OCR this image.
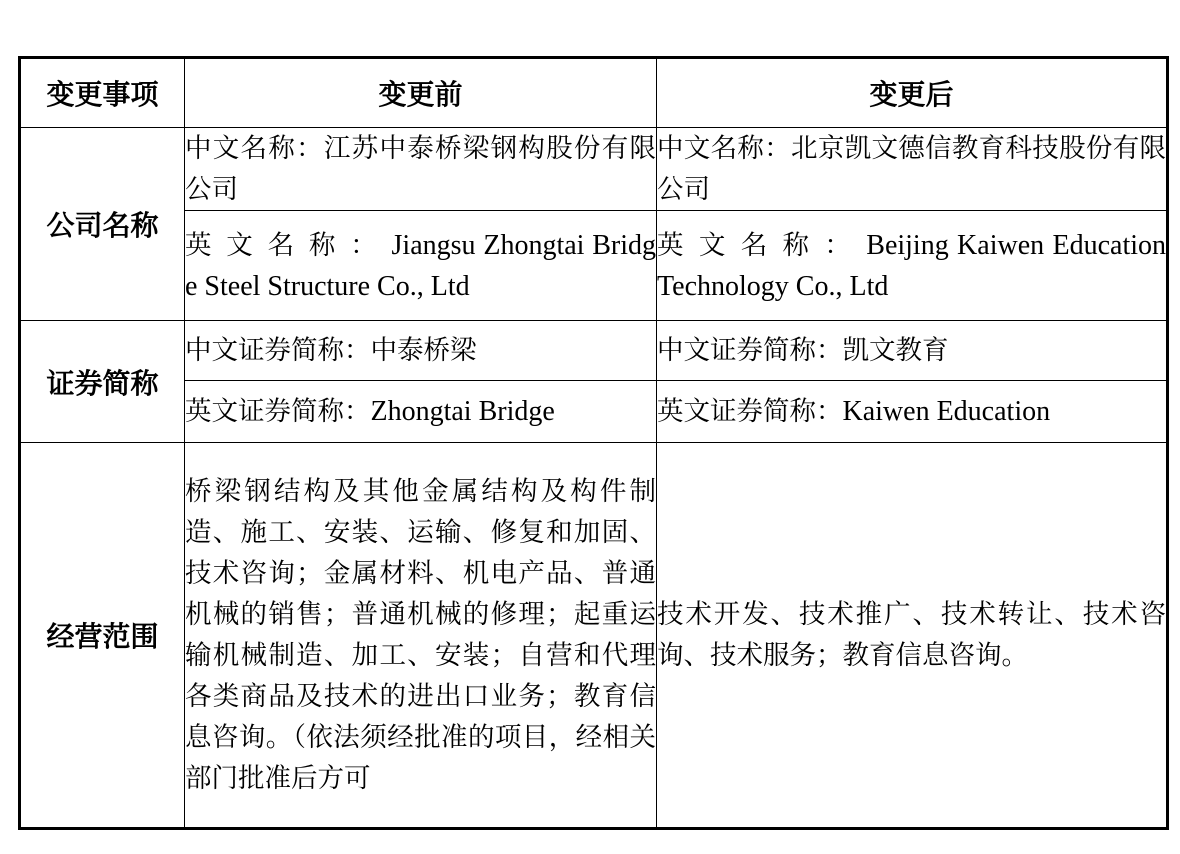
变更事项	变更前	变更后
公司名称	中文名称：江苏中泰桥梁钢构股份有限公司	中文名称：北京凯文德信教育科技股份有限公司
	英文名称：Jiangsu Zhongtai Bridge Steel Structure Co., Ltd	英文名称：Beijing Kaiwen Education Technology Co., Ltd
证券简称	中文证券简称：中泰桥梁	中文证券简称：凯文教育
	英文证券简称：Zhongtai Bridge	英文证券简称：Kaiwen Education
经营范围	桥梁钢结构及其他金属结构及构件制造、施工、安装、运输、修复和加固、技术咨询；金属材料、机电产品、普通机械的销售；普通机械的修理；起重运输机械制造、加工、安装；自营和代理各类商品及技术的进出口业务；教育信息咨询。（依法须经批准的项目，经相关部门批准后方可	技术开发、技术推广、技术转让、技术咨询、技术服务；教育信息咨询。
